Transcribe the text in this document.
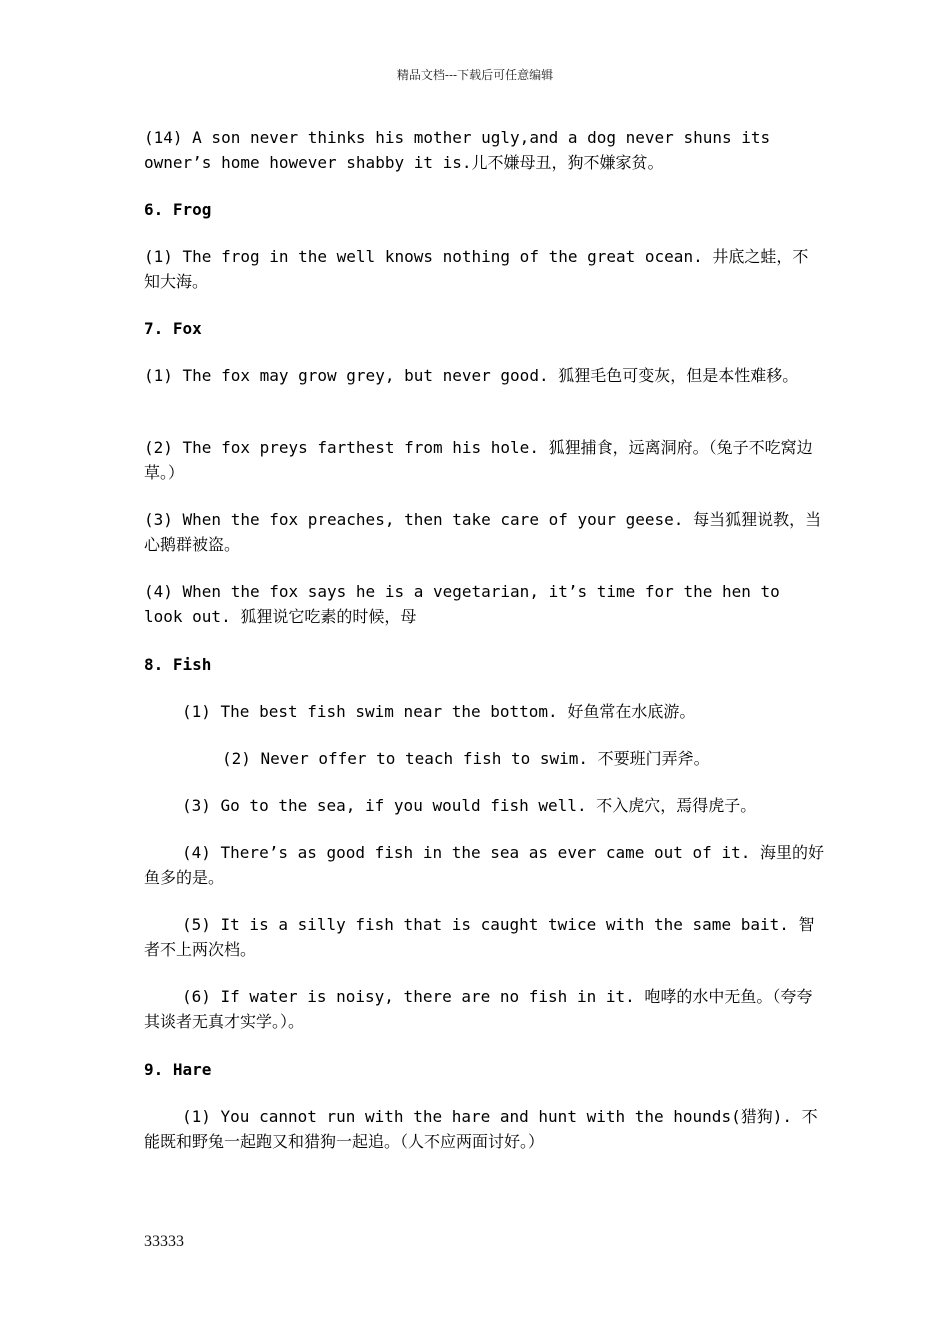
精品文档---下载后可任意编辑
(14) A son never thinks his mother ugly,and a dog never shuns its owner’s home however shabby it is.儿不嫌母丑，狗不嫌家贫。
6. Frog
(1) The frog in the well knows nothing of the great ocean. 井底之蛙，不知大海。
7. Fox
(1) The fox may grow grey, but never good. 狐狸毛色可变灰，但是本性难移。
(2) The fox preys farthest from his hole. 狐狸捕食，远离洞府。（兔子不吃窝边草。）
(3) When the fox preaches, then take care of your geese. 每当狐狸说教，当心鹅群被盗。
(4) When the fox says he is a vegetarian, it’s time for the hen to look out. 狐狸说它吃素的时候，母
8. Fish
(1) The best fish swim near the bottom. 好鱼常在水底游。
(2) Never offer to teach fish to swim. 不要班门弄斧。
(3) Go to the sea, if you would fish well. 不入虎穴，焉得虎子。
(4) There’s as good fish in the sea as ever came out of it. 海里的好鱼多的是。
(5) It is a silly fish that is caught twice with the same bait. 智者不上两次档。
(6) If water is noisy, there are no fish in it. 咆哮的水中无鱼。（夸夸其谈者无真才实学。）。
9. Hare
(1) You cannot run with the hare and hunt with the hounds(猎狗). 不能既和野兔一起跑又和猎狗一起追。（人不应两面讨好。）
33333
